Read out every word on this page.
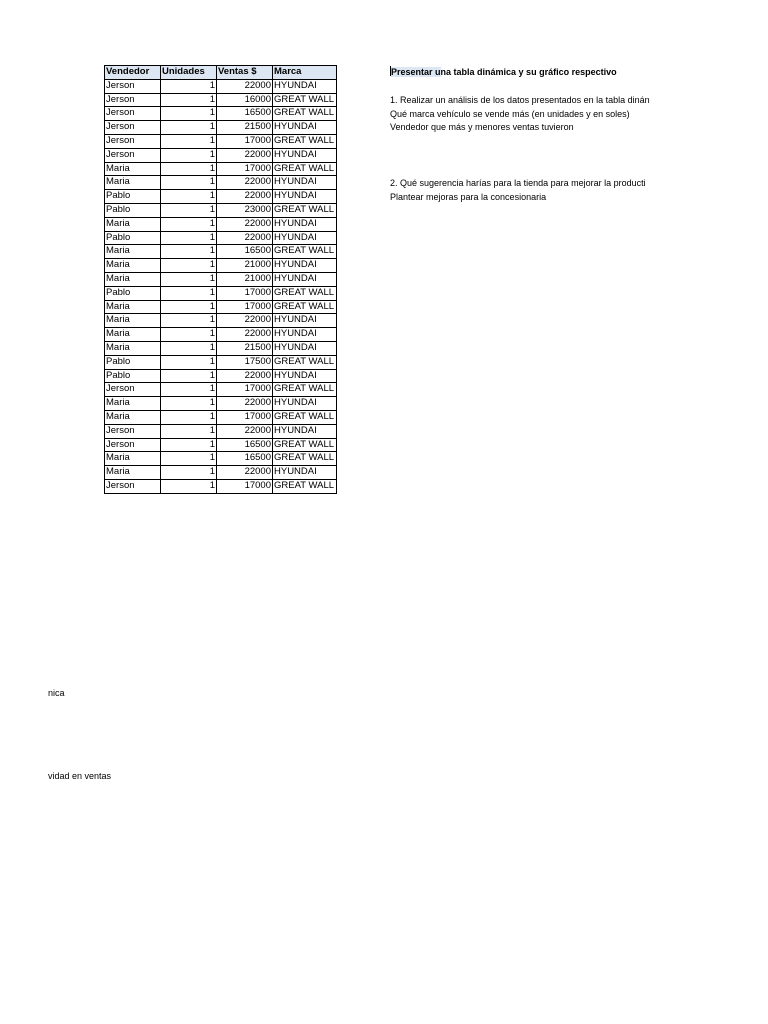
Vendedor	Unidades	Ventas $	Marca
Jerson	1	22000	HYUNDAI
Jerson	1	16000	GREAT WALL
Jerson	1	16500	GREAT WALL
Jerson	1	21500	HYUNDAI
Jerson	1	17000	GREAT WALL
Jerson	1	22000	HYUNDAI
Maria	1	17000	GREAT WALL
Maria	1	22000	HYUNDAI
Pablo	1	22000	HYUNDAI
Pablo	1	23000	GREAT WALL
Maria	1	22000	HYUNDAI
Pablo	1	22000	HYUNDAI
Maria	1	16500	GREAT WALL
Maria	1	21000	HYUNDAI
Maria	1	21000	HYUNDAI
Pablo	1	17000	GREAT WALL
Maria	1	17000	GREAT WALL
Maria	1	22000	HYUNDAI
Maria	1	22000	HYUNDAI
Maria	1	21500	HYUNDAI
Pablo	1	17500	GREAT WALL
Pablo	1	22000	HYUNDAI
Jerson	1	17000	GREAT WALL
Maria	1	22000	HYUNDAI
Maria	1	17000	GREAT WALL
Jerson	1	22000	HYUNDAI
Jerson	1	16500	GREAT WALL
Maria	1	16500	GREAT WALL
Maria	1	22000	HYUNDAI
Jerson	1	17000	GREAT WALL
Presentar una tabla dinámica y su gráfico respectivo
1. Realizar un análisis de los datos presentados en la tabla dinán
Qué marca vehículo se vende más (en unidades y en soles)
Vendedor que más y menores ventas tuvieron
2. Qué sugerencia harías para la tienda para mejorar la producti
Plantear mejoras para la concesionaria
nica
vidad en ventas
